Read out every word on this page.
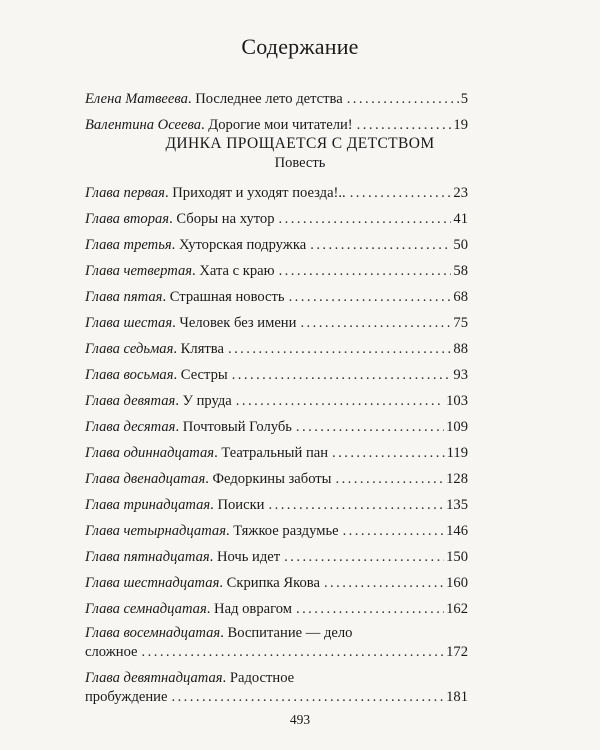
Содержание
Елена Матвеева. Последнее лето детства . . .	5
Валентина Осеева. Дорогие мои читатели! . . .	19
ДИНКА ПРОЩАЕТСЯ С ДЕТСТВОМ
Повесть
Глава первая. Приходят и уходят поезда!.. . . .	23
Глава вторая. Сборы на хутор . . .	41
Глава третья. Хуторская подружка . . .	50
Глава четвертая. Хата с краю . . .	58
Глава пятая. Страшная новость . . .	68
Глава шестая. Человек без имени . . .	75
Глава седьмая. Клятва . . .	88
Глава восьмая. Сестры . . .	93
Глава девятая. У пруда . . .	103
Глава десятая. Почтовый Голубь . . .	109
Глава одиннадцатая. Театральный пан . . .	119
Глава двенадцатая. Федоркины заботы . . .	128
Глава тринадцатая. Поиски . . .	135
Глава четырнадцатая. Тяжкое раздумье . . .	146
Глава пятнадцатая. Ночь идет . . .	150
Глава шестнадцатая. Скрипка Якова . . .	160
Глава семнадцатая. Над оврагом . . .	162
Глава восемнадцатая . Воспитание — дело
сложное . . .	172
Глава девятнадцатая . Радостное
пробуждение . . .	181
493
